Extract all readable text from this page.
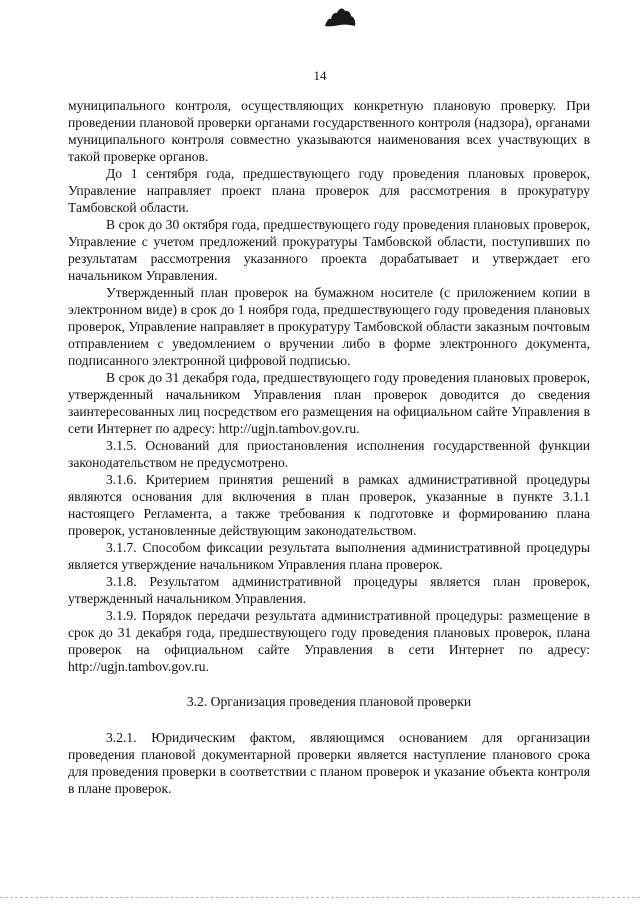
14

муниципального контроля, осуществляющих конкретную плановую проверку. При проведении плановой проверки органами государственного контроля (надзора), органами муниципального контроля совместно указываются наименования всех участвующих в такой проверке органов.

До 1 сентября года, предшествующего году проведения плановых проверок, Управление направляет проект плана проверок для рассмотрения в прокуратуру Тамбовской области.

В срок до 30 октября года, предшествующего году проведения плановых проверок, Управление с учетом предложений прокуратуры Тамбовской области, поступивших по результатам рассмотрения указанного проекта дорабатывает и утверждает его начальником Управления.

Утвержденный план проверок на бумажном носителе (с приложением копии в электронном виде) в срок до 1 ноября года, предшествующего году проведения плановых проверок, Управление направляет в прокуратуру Тамбовской области заказным почтовым отправлением с уведомлением о вручении либо в форме электронного документа, подписанного электронной цифровой подписью.

В срок до 31 декабря года, предшествующего году проведения плановых проверок, утвержденный начальником Управления план проверок доводится до сведения заинтересованных лиц посредством его размещения на официальном сайте Управления в сети Интернет по адресу: http://ugjn.tambov.gov.ru.

3.1.5. Оснований для приостановления исполнения государственной функции законодательством не предусмотрено.

3.1.6. Критерием принятия решений в рамках административной процедуры являются основания для включения в план проверок, указанные в пункте 3.1.1 настоящего Регламента, а также требования к подготовке и формированию плана проверок, установленные действующим законодательством.

3.1.7. Способом фиксации результата выполнения административной процедуры является утверждение начальником Управления плана проверок.

3.1.8. Результатом административной процедуры является план проверок, утвержденный начальником Управления.

3.1.9. Порядок передачи результата административной процедуры: размещение в срок до 31 декабря года, предшествующего году проведения плановых проверок, плана проверок на официальном сайте Управления в сети Интернет по адресу: http://ugjn.tambov.gov.ru.

3.2. Организация проведения плановой проверки

3.2.1. Юридическим фактом, являющимся основанием для организации проведения плановой документарной проверки является наступление планового срока для проведения проверки в соответствии с планом проверок и указание объекта контроля в плане проверок.
